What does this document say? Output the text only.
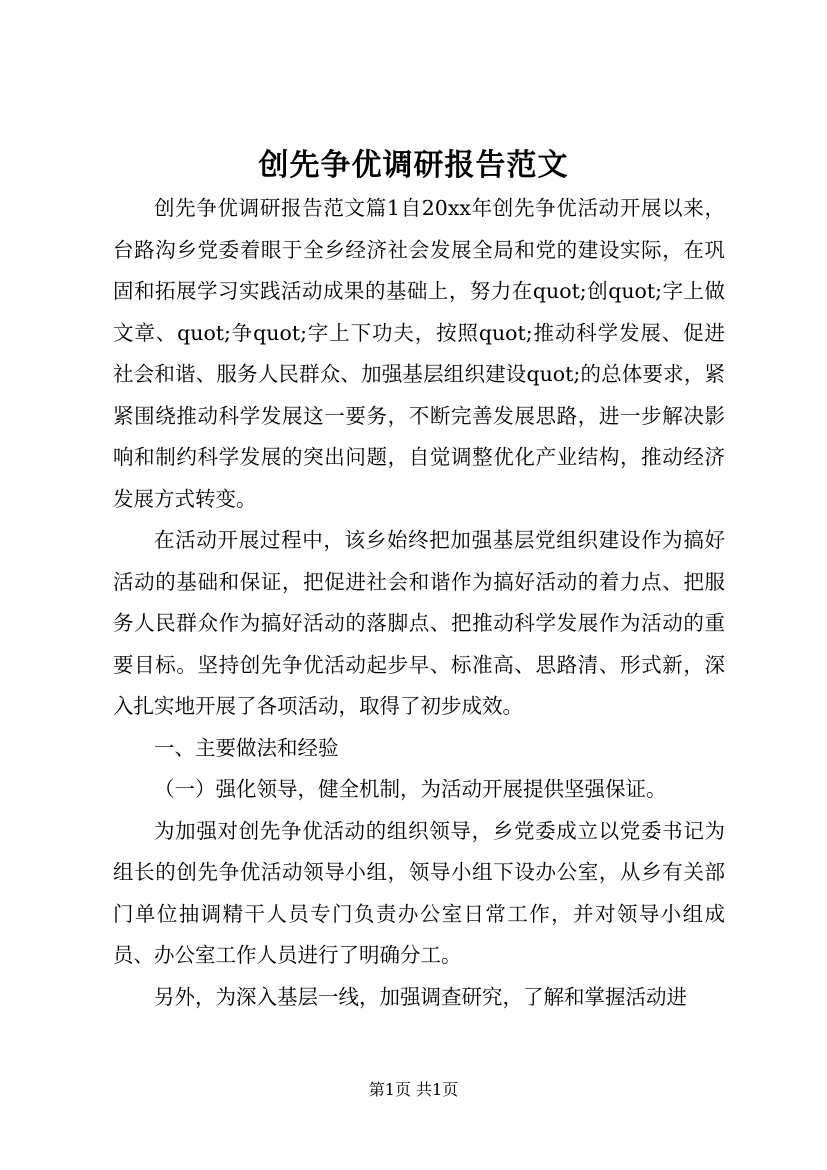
创先争优调研报告范文

创先争优调研报告范文篇1自20xx年创先争优活动开展以来，台路沟乡党委着眼于全乡经济社会发展全局和党的建设实际，在巩固和拓展学习实践活动成果的基础上，努力在quot;创quot;字上做文章、quot;争quot;字上下功夫，按照quot;推动科学发展、促进社会和谐、服务人民群众、加强基层组织建设quot;的总体要求，紧紧围绕推动科学发展这一要务，不断完善发展思路，进一步解决影响和制约科学发展的突出问题，自觉调整优化产业结构，推动经济发展方式转变。

在活动开展过程中，该乡始终把加强基层党组织建设作为搞好活动的基础和保证，把促进社会和谐作为搞好活动的着力点、把服务人民群众作为搞好活动的落脚点、把推动科学发展作为活动的重要目标。坚持创先争优活动起步早、标准高、思路清、形式新，深入扎实地开展了各项活动，取得了初步成效。

一、主要做法和经验

（一）强化领导，健全机制，为活动开展提供坚强保证。

为加强对创先争优活动的组织领导，乡党委成立以党委书记为组长的创先争优活动领导小组，领导小组下设办公室，从乡有关部门单位抽调精干人员专门负责办公室日常工作，并对领导小组成员、办公室工作人员进行了明确分工。

另外，为深入基层一线，加强调查研究，了解和掌握活动进

第1页 共1页
